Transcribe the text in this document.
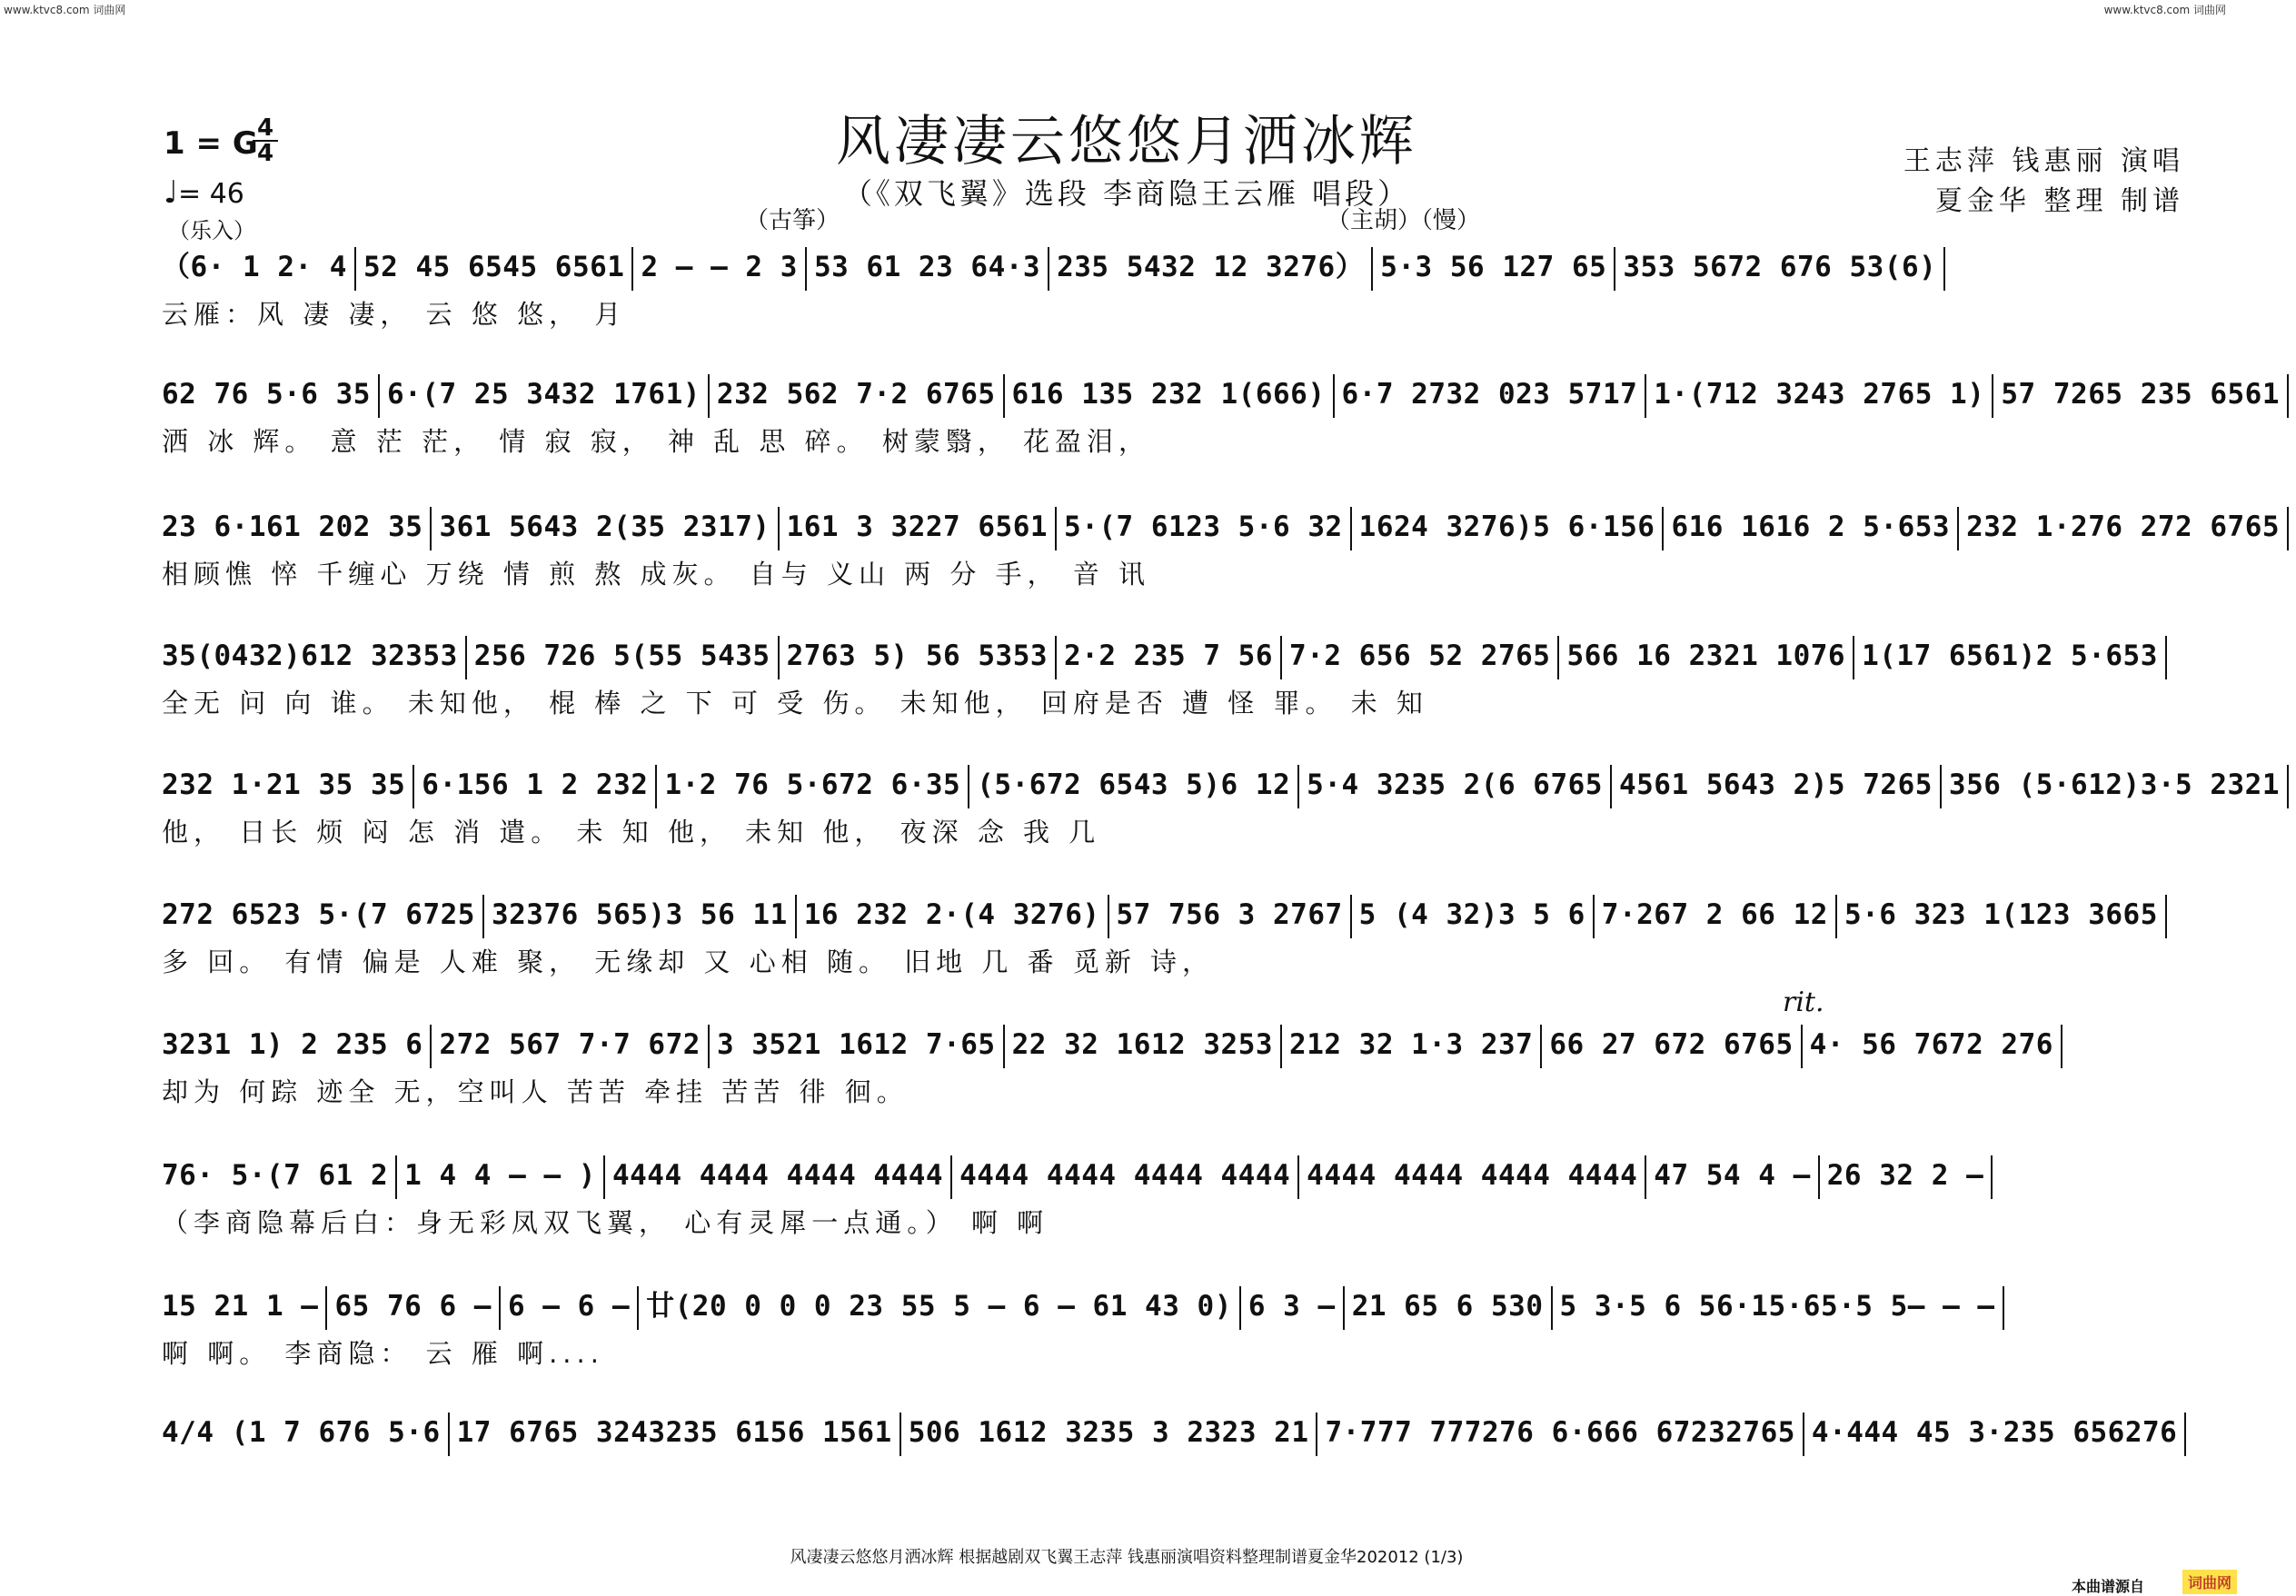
www.ktvc8.com 词曲网	www.ktvc8.com 词曲网
1 = G 4
4
♩= 46
（乐入）
风凄凄云悠悠月洒冰辉
（《双飞翼》选段 李商隐王云雁 唱段）
王志萍 钱惠丽 演唱
夏金华 整理 制谱
（6· 1 2· 4 52 45 6545 6561 2 – – 2 3 53 61 23 64·3 235 5432 12 3276） 5·3 56 127 65 353 5672 676 53(6)
云雁：风 凄 凄， 云 悠 悠， 月
62 76 5·6 35 6·(7 25 3432 1761) 232 562 7·2 6765 616 135 232 1(666) 6·7 2732 023 5717 1·(712 3243 2765 1) 57 7265 235 6561
洒 冰 辉。 意 茫 茫， 情 寂 寂， 神 乱 思 碎。 树蒙翳， 花盈泪，
23 6·161 202 35 361 5643 2(35 2317) 161 3 3227 6561 5·(7 6123 5·6 32 1624 3276)5 6·156 616 1616 2 5·653 232 1·276 272 6765
相顾憔 悴 千缠心 万绕 情 煎 熬 成灰。 自与 义山 两 分 手， 音 讯
35(0432)612 32353 256 726 5(55 5435 2763 5) 56 5353 2·2 235 7 56 7·2 656 52 2765 566 16 2321 1076 1(17 6561)2 5·653
全无 问 向 谁。 未知他， 棍 棒 之 下 可 受 伤。 未知他， 回府是否 遭 怪 罪。 未 知
232 1·21 35 35 6·156 1 2 232 1·2 76 5·672 6·35 (5·672 6543 5)6 12 5·4 3235 2(6 6765 4561 5643 2)5 7265 356 (5·612)3·5 2321
他， 日长 烦 闷 怎 消 遣。 未 知 他， 未知 他， 夜深 念 我 几
272 6523 5·(7 6725 32376 565)3 56 11 16 232 2·(4 3276) 57 756 3 2767 5 (4 32)3 5 6 7·267 2 66 12 5·6 323 1(123 3665
多 回。 有情 偏是 人难 聚， 无缘却 又 心相 随。 旧地 几 番 觅新 诗，
3231 1) 2 235 6 272 567 7·7 672 3 3521 1612 7·65 22 32 1612 3253 212 32 1·3 237 66 27 672 6765 4· 56 7672 276
却为 何踪 迹全 无，空叫人 苦苦 牵挂 苦苦 徘 徊。
76· 5·(7 61 2 1 4 4 – – ) 4444 4444 4444 4444 4444 4444 4444 4444 4444 4444 4444 4444 47 54 4 – 26 32 2 –
（李商隐幕后白：身无彩凤双飞翼， 心有灵犀一点通。） 啊 啊
15 21 1 – 65 76 6 – 6 – 6 – 廿(20 0 0 0 23 55 5 – 6 – 61 43 0) 6 3 – 21 65 6 530 5 3·5 6 56·15·65·5 5– – –
啊 啊。 李商隐： 云 雁 啊....
4/4 (1 7 676 5·6 17 6765 3243235 6156 1561 506 1612 3235 3 2323 21 7·777 777276 6·666 67232765 4·444 45 3·235 656276
风凄凄云悠悠月洒冰辉 根据越剧双飞翼王志萍 钱惠丽演唱资料整理制谱夏金华202012 (1/3)
本曲谱源自	词曲网
（古筝）	（主胡）（慢）
rit.
